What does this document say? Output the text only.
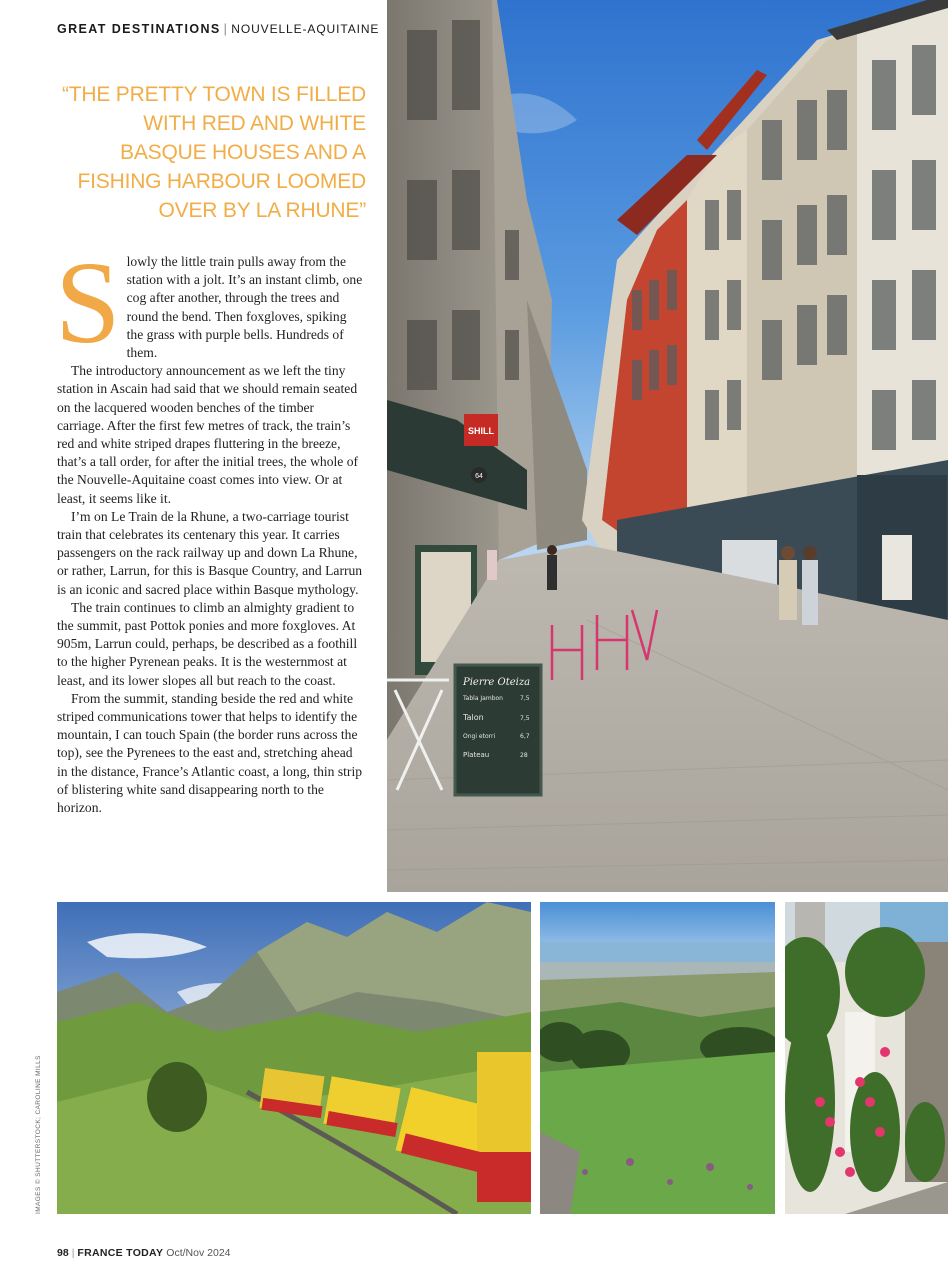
GREAT DESTINATIONS | NOUVELLE-AQUITAINE
“THE PRETTY TOWN IS FILLED
WITH RED AND WHITE
BASQUE HOUSES AND A
FISHING HARBOUR LOOMED
OVER BY LA RHUNE”
S lowly the little train pulls away from the station with a jolt. It’s an instant climb, one cog after another, through the trees and round the bend. Then foxgloves, spiking the grass with purple bells. Hundreds of them.

The introductory announcement as we left the tiny station in Ascain had said that we should remain seated on the lacquered wooden benches of the timber carriage. After the first few metres of track, the train’s red and white striped drapes fluttering in the breeze, that’s a tall order, for after the initial trees, the whole of the Nouvelle-Aquitaine coast comes into view. Or at least, it seems like it.

I’m on Le Train de la Rhune, a two-carriage tourist train that celebrates its centenary this year. It carries passengers on the rack railway up and down La Rhune, or rather, Larrun, for this is Basque Country, and Larrun is an iconic and sacred place within Basque mythology.

The train continues to climb an almighty gradient to the summit, past Pottok ponies and more foxgloves. At 905m, Larrun could, perhaps, be described as a foothill to the higher Pyrenean peaks. It is the westernmost at least, and its lower slopes all but reach to the coast.

From the summit, standing beside the red and white striped communications tower that helps to identify the mountain, I can touch Spain (the border runs across the top), see the Pyrenees to the east and, stretching ahead in the distance, France’s Atlantic coast, a long, thin strip of blistering white sand disappearing north to the horizon.

SHILL
64
Pierre Oteiza
Tabla Jambon	7,5
Talon	7,5
Ongi etorri	6,7
Plateau	28
IMAGES © SHUTTERSTOCK; CAROLINE MILLS
98 | FRANCE TODAY Oct/Nov 2024
